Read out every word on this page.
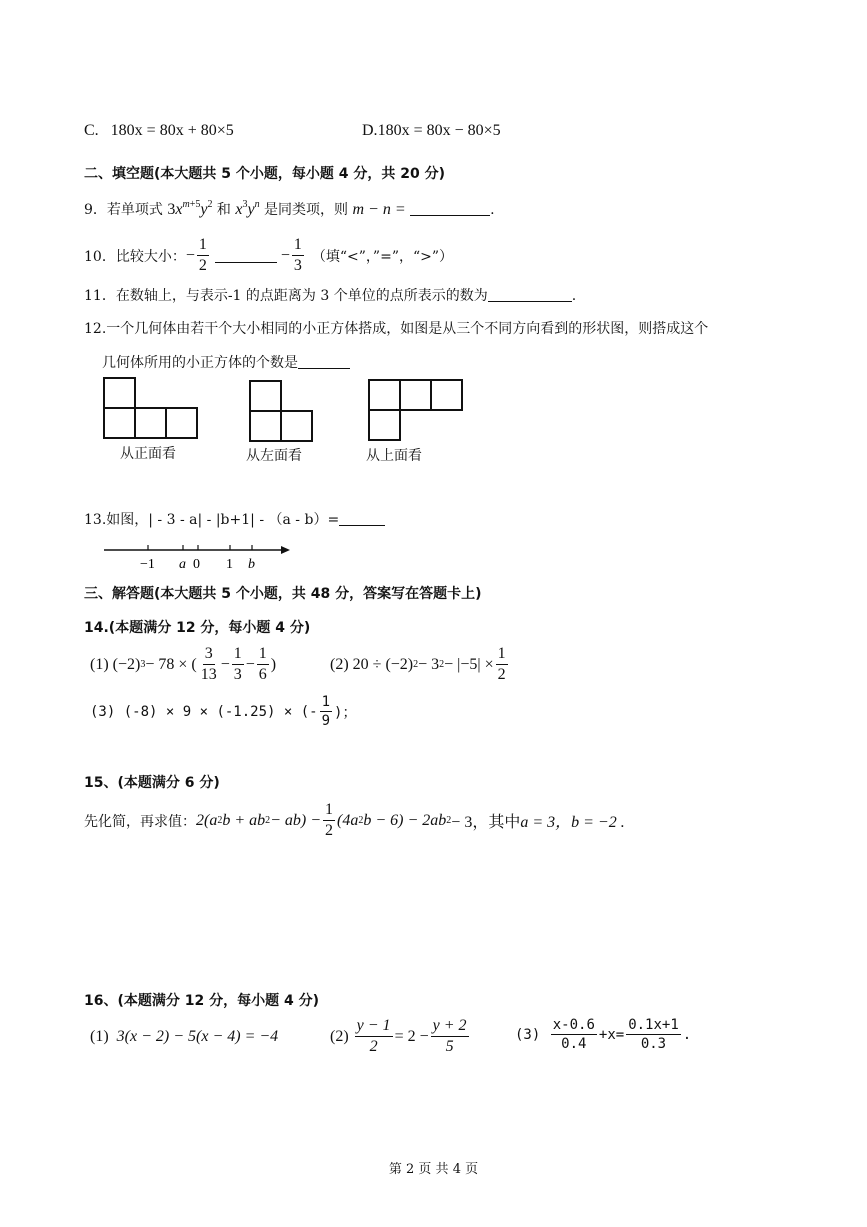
C. 180x = 80x + 80×5	D.180x = 80x − 80×5
二、填空题(本大题共 5 个小题，每小题 4 分，共 20 分)
9．若单项式 $3x^{m+5}y^2$ 和 $x^3y^n$ 是同类项，则 m − n =	.
10．比较大小： − $\frac{1}{2}$	− $\frac{1}{3}$ （填“<”，”=”，“>”）
11．在数轴上，与表示-1 的点距离为 3 个单位的点所表示的数为	.
12.一个几何体由若干个大小相同的小正方体搭成，如图是从三个不同方向看到的形状图，则搭成这个
几何体所用的小正方体的个数是
从正面看	从左面看	从上面看
13.如图，| - 3 - a| - |b+1| - （a - b）=
−1 a 0 1 b
三、解答题(本大题共 5 个小题，共 48 分，答案写在答题卡上)
14.(本题满分 12 分，每小题 4 分)
(1)
(−2) 3 − 78 × ( $\frac{3}{13} - \frac{1}{3} - \frac{1}{6}$ )	(2)
20 ÷ (−2) 2 − 3 $2 - |-5| \times \frac{1}{2}$
(3)
(-8) × 9 × (-1.25) × (- $\frac{1}{9}$ )；
15、(本题满分 6 分)
先化简，再求值： 2(a 2 b + ab $2 - ab) - \frac{1}{2} (4a$ 2 b − 6) − 2ab 2 − 3，其中 a = 3，b = −2 .
16、(本题满分 12 分，每小题 4 分)
(1) 3(x − 2) − 5(x − 4) = −4	(2)
$\frac{y - 1}{2} = 2 - \frac{y + 2}{5}$	(3)
$\frac{x-0.6}{0.4} +x= \frac{0.1x+1}{0.3}$ .
第 2 页 共 4 页
